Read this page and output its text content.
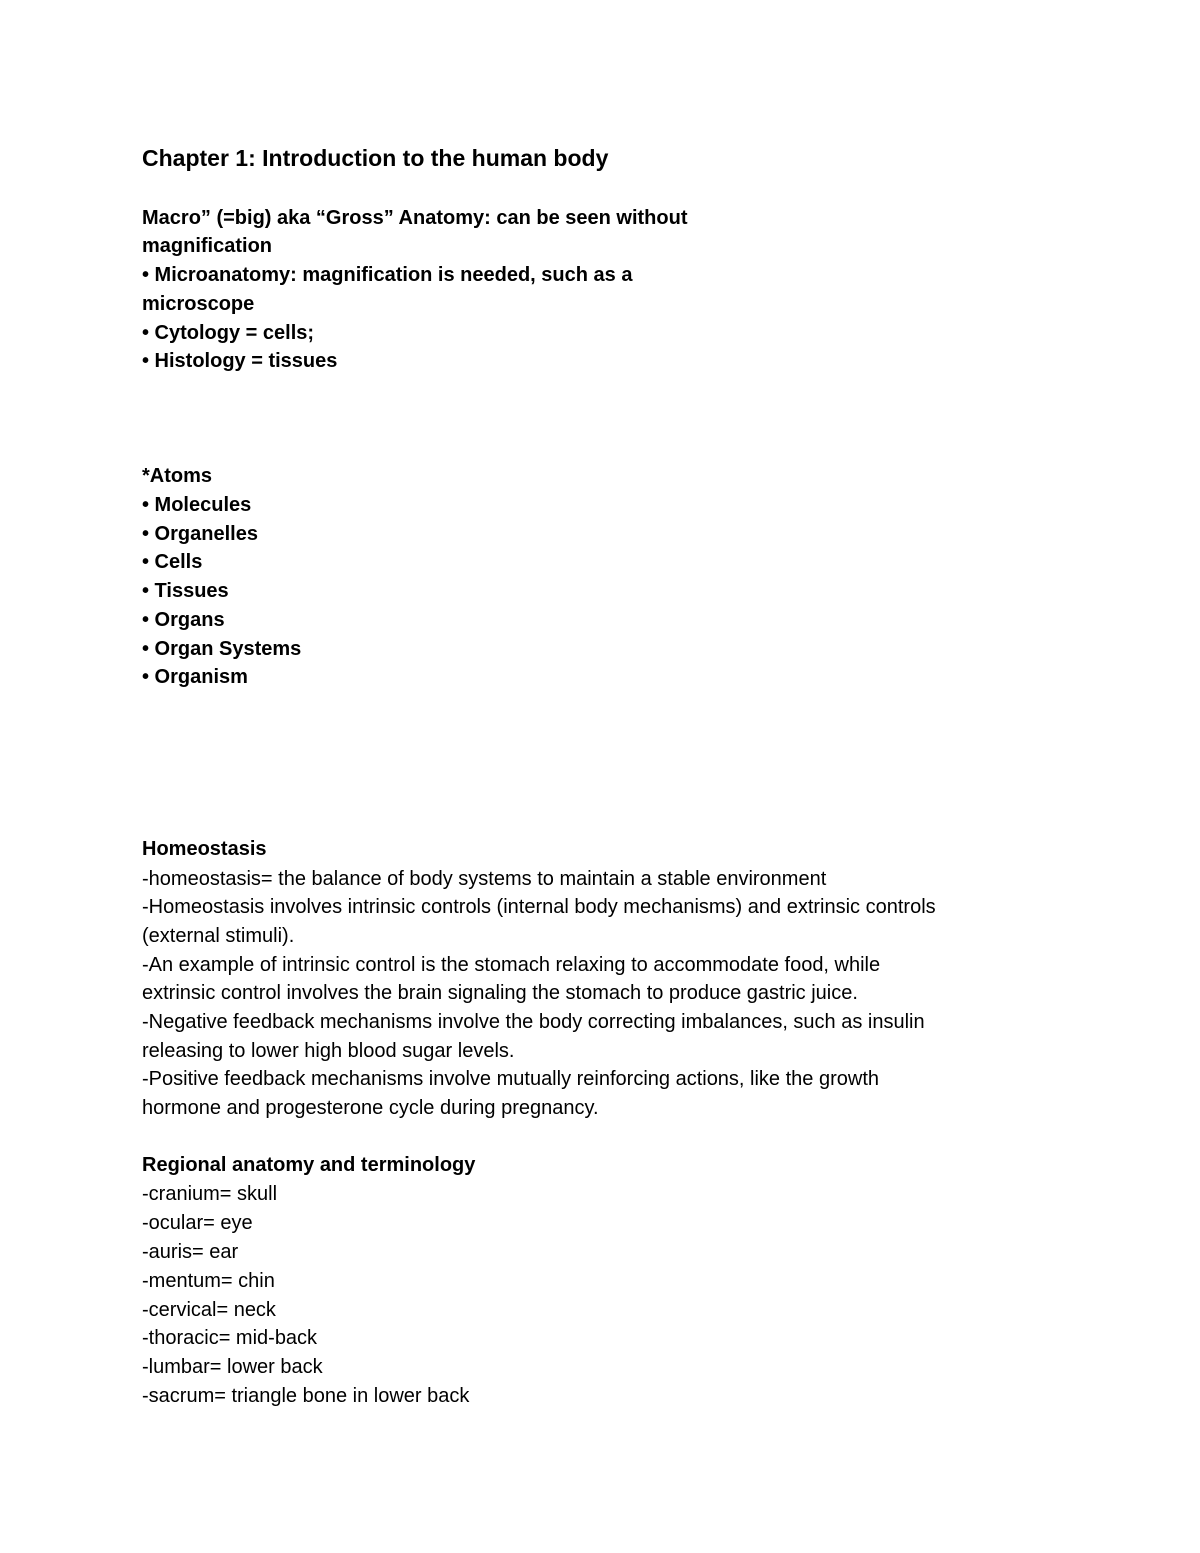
Chapter 1: Introduction to the human body
Macro” (=big) aka “Gross” Anatomy: can be seen without
magnification
• Microanatomy: magnification is needed, such as a
microscope
• Cytology = cells;
• Histology = tissues
*Atoms
• Molecules
• Organelles
• Cells
• Tissues
• Organs
• Organ Systems
• Organism
Homeostasis
-homeostasis= the balance of body systems to maintain a stable environment
-Homeostasis involves intrinsic controls (internal body mechanisms) and extrinsic controls
(external stimuli).
-An example of intrinsic control is the stomach relaxing to accommodate food, while
extrinsic control involves the brain signaling the stomach to produce gastric juice.
-Negative feedback mechanisms involve the body correcting imbalances, such as insulin
releasing to lower high blood sugar levels.
-Positive feedback mechanisms involve mutually reinforcing actions, like the growth
hormone and progesterone cycle during pregnancy.
Regional anatomy and terminology
-cranium= skull
-ocular= eye
-auris= ear
-mentum= chin
-cervical= neck
-thoracic= mid-back
-lumbar= lower back
-sacrum= triangle bone in lower back
